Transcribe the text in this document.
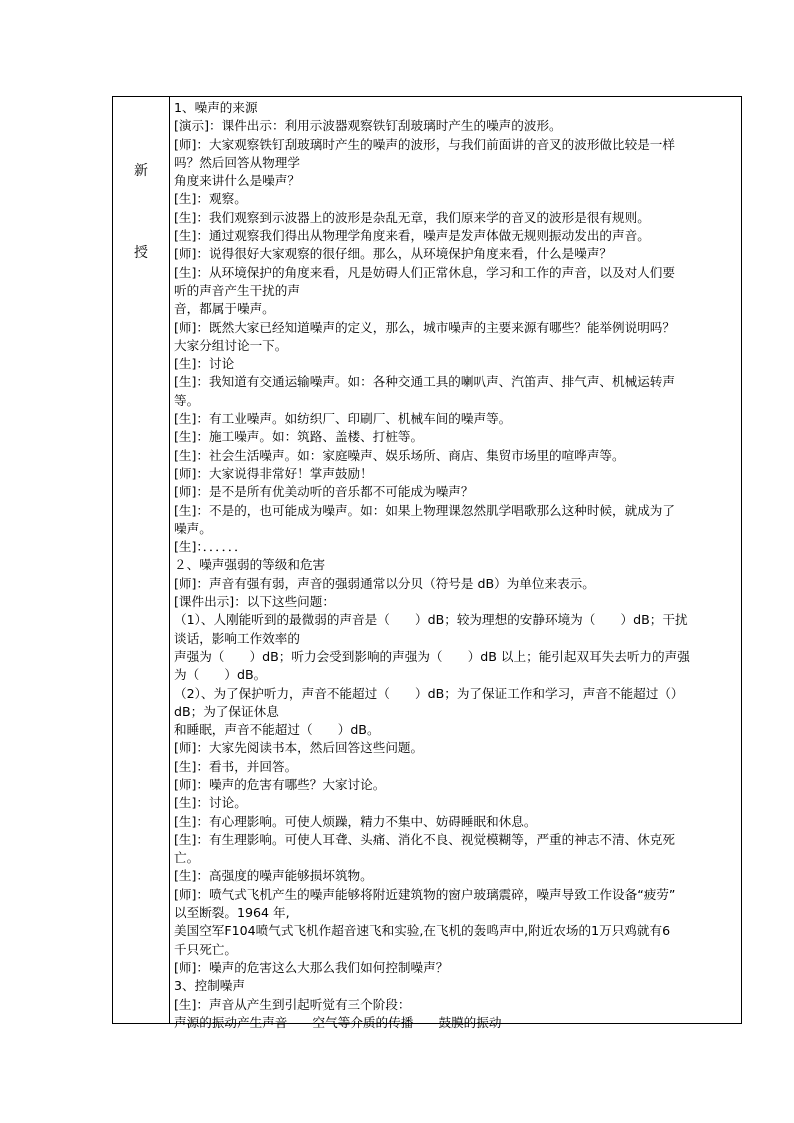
新
授
1、噪声的来源
[演示]：课件出示：利用示波器观察铁钉刮玻璃时产生的噪声的波形。
[师]：大家观察铁钉刮玻璃时产生的噪声的波形，与我们前面讲的音叉的波形做比较是一样
吗？然后回答从物理学
角度来讲什么是噪声？
[生]：观察。
[生]：我们观察到示波器上的波形是杂乱无章，我们原来学的音叉的波形是很有规则。
[生]：通过观察我们得出从物理学角度来看，噪声是发声体做无规则振动发出的声音。
[师]：说得很好大家观察的很仔细。那么，从环境保护角度来看，什么是噪声？
[生]：从环境保护的角度来看，凡是妨碍人们正常休息，学习和工作的声音，以及对人们要
听的声音产生干扰的声
音，都属于噪声。
[师]：既然大家已经知道噪声的定义，那么，城市噪声的主要来源有哪些？能举例说明吗？
大家分组讨论一下。
[生]：讨论
[生]：我知道有交通运输噪声。如：各种交通工具的喇叭声、汽笛声、排气声、机械运转声
等。
[生]：有工业噪声。如纺织厂、印刷厂、机械车间的噪声等。
[生]：施工噪声。如：筑路、盖楼、打桩等。
[生]：社会生活噪声。如：家庭噪声、娱乐场所、商店、集贸市场里的喧哗声等。
[师]：大家说得非常好！掌声鼓励！
[师]：是不是所有优美动听的音乐都不可能成为噪声？
[生]：不是的，也可能成为噪声。如：如果上物理课忽然肌学唱歌那么这种时候，就成为了
噪声。
[生]：．．．．．．
２、噪声强弱的等级和危害
[师]：声音有强有弱，声音的强弱通常以分贝（符号是 dB）为单位来表示。
[课件出示]：以下这些问题：
（1）、人刚能听到的最微弱的声音是（　　）dB；较为理想的安静环境为（　　）dB；干扰
谈话，影响工作效率的
声强为（　　）dB；听力会受到影响的声强为（　　）dB 以上；能引起双耳失去听力的声强
为（　　）dB。
（2）、为了保护听力，声音不能超过（　　）dB；为了保证工作和学习，声音不能超过（）
dB；为了保证休息
和睡眠，声音不能超过（　　）dB。
[师]：大家先阅读书本，然后回答这些问题。
[生]：看书，并回答。
[师]：噪声的危害有哪些？大家讨论。
[生]：讨论。
[生]：有心理影响。可使人烦躁，精力不集中、妨碍睡眠和休息。
[生]：有生理影响。可使人耳聋、头痛、消化不良、视觉模糊等，严重的神志不清、休克死
亡。
[生]：高强度的噪声能够损坏筑物。
[师]：喷气式飞机产生的噪声能够将附近建筑物的窗户玻璃震碎，噪声导致工作设备“疲劳”
以至断裂。1964 年,
美国空军F104喷气式飞机作超音速飞和实验,在飞机的轰鸣声中,附近农场的1万只鸡就有6
千只死亡。
[师]：噪声的危害这么大那么我们如何控制噪声？
3、控制噪声
[生]：声音从产生到引起听觉有三个阶段：
声源的振动产生声音——空气等介质的传播——鼓膜的振动
